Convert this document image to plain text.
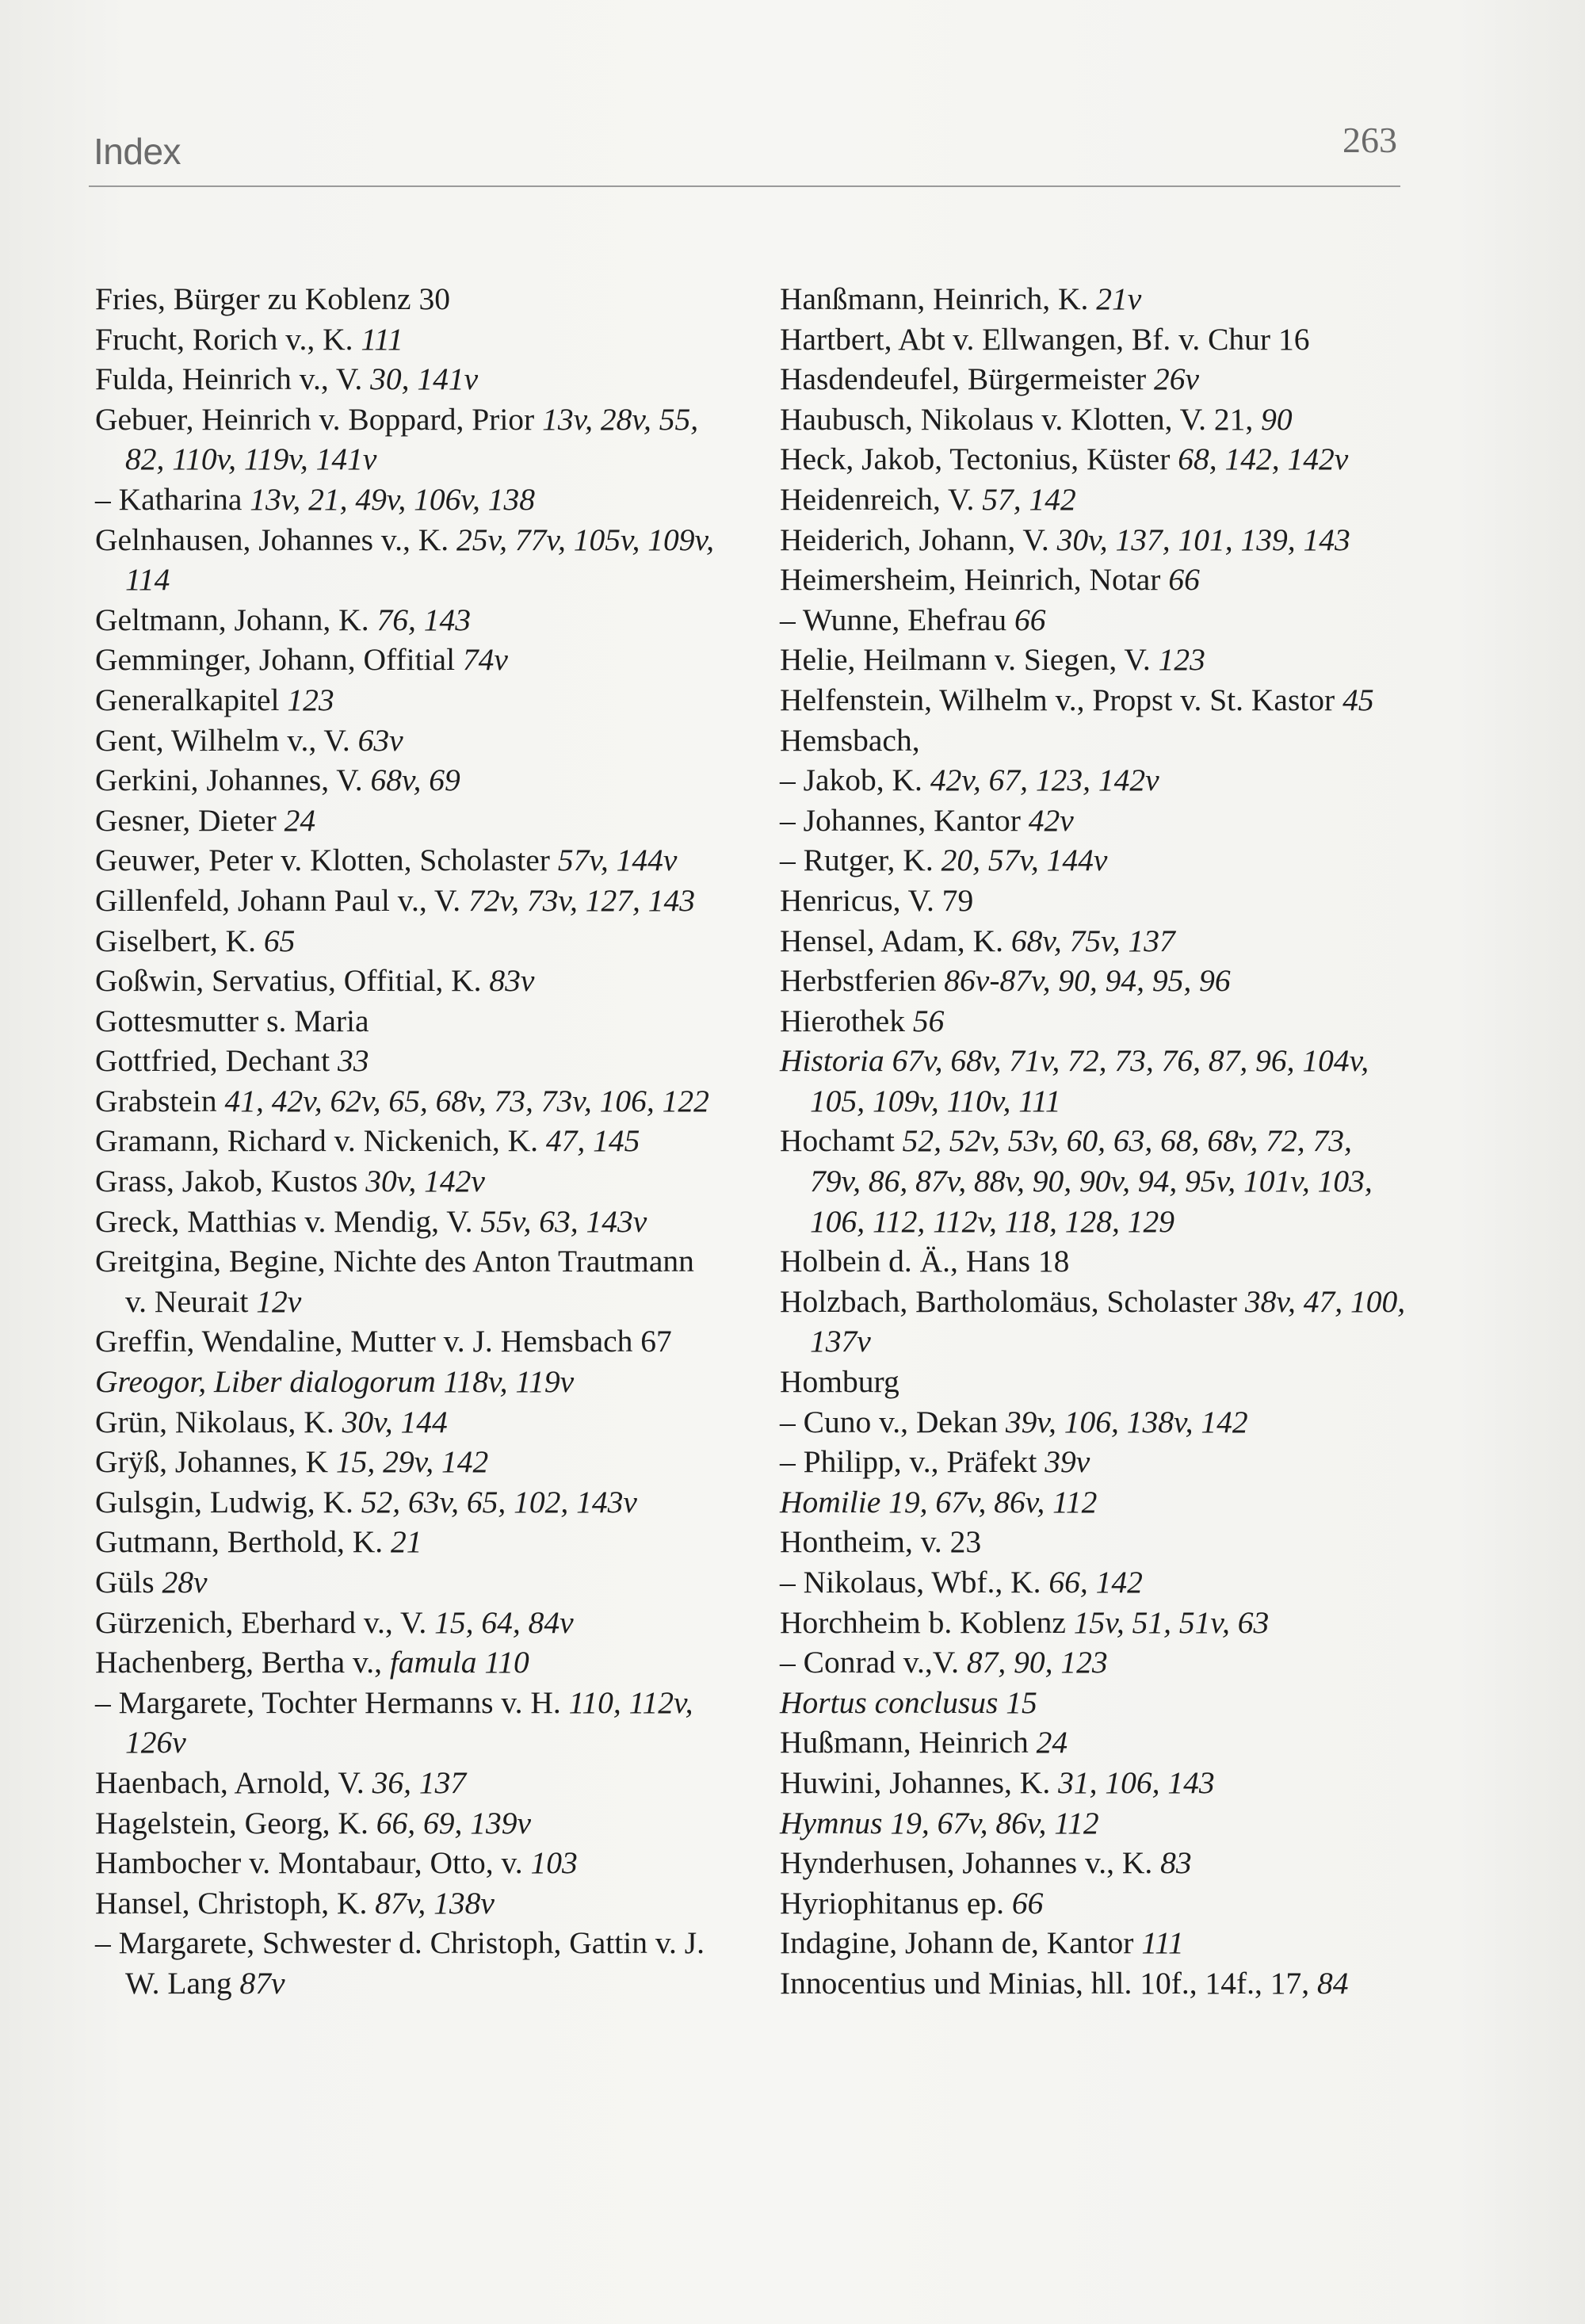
Index	263

Fries, Bürger zu Koblenz 30

Frucht, Rorich v., K. 111

Fulda, Heinrich v., V. 30, 141v

Gebuer, Heinrich v. Boppard, Prior 13v, 28v, 55, 82, 110v, 119v, 141v

– Katharina 13v, 21, 49v, 106v, 138

Gelnhausen, Johannes v., K. 25v, 77v, 105v, 109v, 114

Geltmann, Johann, K. 76, 143

Gemminger, Johann, Offitial 74v

Generalkapitel 123

Gent, Wilhelm v., V. 63v

Gerkini, Johannes, V. 68v, 69

Gesner, Dieter 24

Geuwer, Peter v. Klotten, Scholaster 57v, 144v

Gillenfeld, Johann Paul v., V. 72v, 73v, 127, 143

Giselbert, K. 65

Goßwin, Servatius, Offitial, K. 83v

Gottesmutter s. Maria

Gottfried, Dechant 33

Grabstein 41, 42v, 62v, 65, 68v, 73, 73v, 106, 122

Gramann, Richard v. Nickenich, K. 47, 145

Grass, Jakob, Kustos 30v, 142v

Greck, Matthias v. Mendig, V. 55v, 63, 143v

Greitgina, Begine, Nichte des Anton Trautmann v. Neurait 12v

Greffin, Wendaline, Mutter v. J. Hemsbach 67

Greogor, Liber dialogorum 118v, 119v

Grün, Nikolaus, K. 30v, 144

Grÿß, Johannes, K 15, 29v, 142

Gulsgin, Ludwig, K. 52, 63v, 65, 102, 143v

Gutmann, Berthold, K. 21

Güls 28v

Gürzenich, Eberhard v., V. 15, 64, 84v

Hachenberg, Bertha v., famula 110

– Margarete, Tochter Hermanns v. H. 110, 112v, 126v

Haenbach, Arnold, V. 36, 137

Hagelstein, Georg, K. 66, 69, 139v

Hambocher v. Montabaur, Otto, v. 103

Hansel, Christoph, K. 87v, 138v

– Margarete, Schwester d. Christoph, Gattin v. J. W. Lang 87v

Hanßmann, Heinrich, K. 21v

Hartbert, Abt v. Ellwangen, Bf. v. Chur 16

Hasdendeufel, Bürgermeister 26v

Haubusch, Nikolaus v. Klotten, V. 21, 90

Heck, Jakob, Tectonius, Küster 68, 142, 142v

Heidenreich, V. 57, 142

Heiderich, Johann, V. 30v, 137, 101, 139, 143

Heimersheim, Heinrich, Notar 66

– Wunne, Ehefrau 66

Helie, Heilmann v. Siegen, V. 123

Helfenstein, Wilhelm v., Propst v. St. Kastor 45

Hemsbach,

– Jakob, K. 42v, 67, 123, 142v

– Johannes, Kantor 42v

– Rutger, K. 20, 57v, 144v

Henricus, V. 79

Hensel, Adam, K. 68v, 75v, 137

Herbstferien 86v-87v, 90, 94, 95, 96

Hierothek 56

Historia 67v, 68v, 71v, 72, 73, 76, 87, 96, 104v, 105, 109v, 110v, 111

Hochamt 52, 52v, 53v, 60, 63, 68, 68v, 72, 73, 79v, 86, 87v, 88v, 90, 90v, 94, 95v, 101v, 103, 106, 112, 112v, 118, 128, 129

Holbein d. Ä., Hans 18

Holzbach, Bartholomäus, Scholaster 38v, 47, 100, 137v

Homburg

– Cuno v., Dekan 39v, 106, 138v, 142

– Philipp, v., Präfekt 39v

Homilie 19, 67v, 86v, 112

Hontheim, v. 23

– Nikolaus, Wbf., K. 66, 142

Horchheim b. Koblenz 15v, 51, 51v, 63

– Conrad v.,V. 87, 90, 123

Hortus conclusus 15

Hußmann, Heinrich 24

Huwini, Johannes, K. 31, 106, 143

Hymnus 19, 67v, 86v, 112

Hynderhusen, Johannes v., K. 83

Hyriophitanus ep. 66

Indagine, Johann de, Kantor 111

Innocentius und Minias, hll. 10f., 14f., 17, 84
